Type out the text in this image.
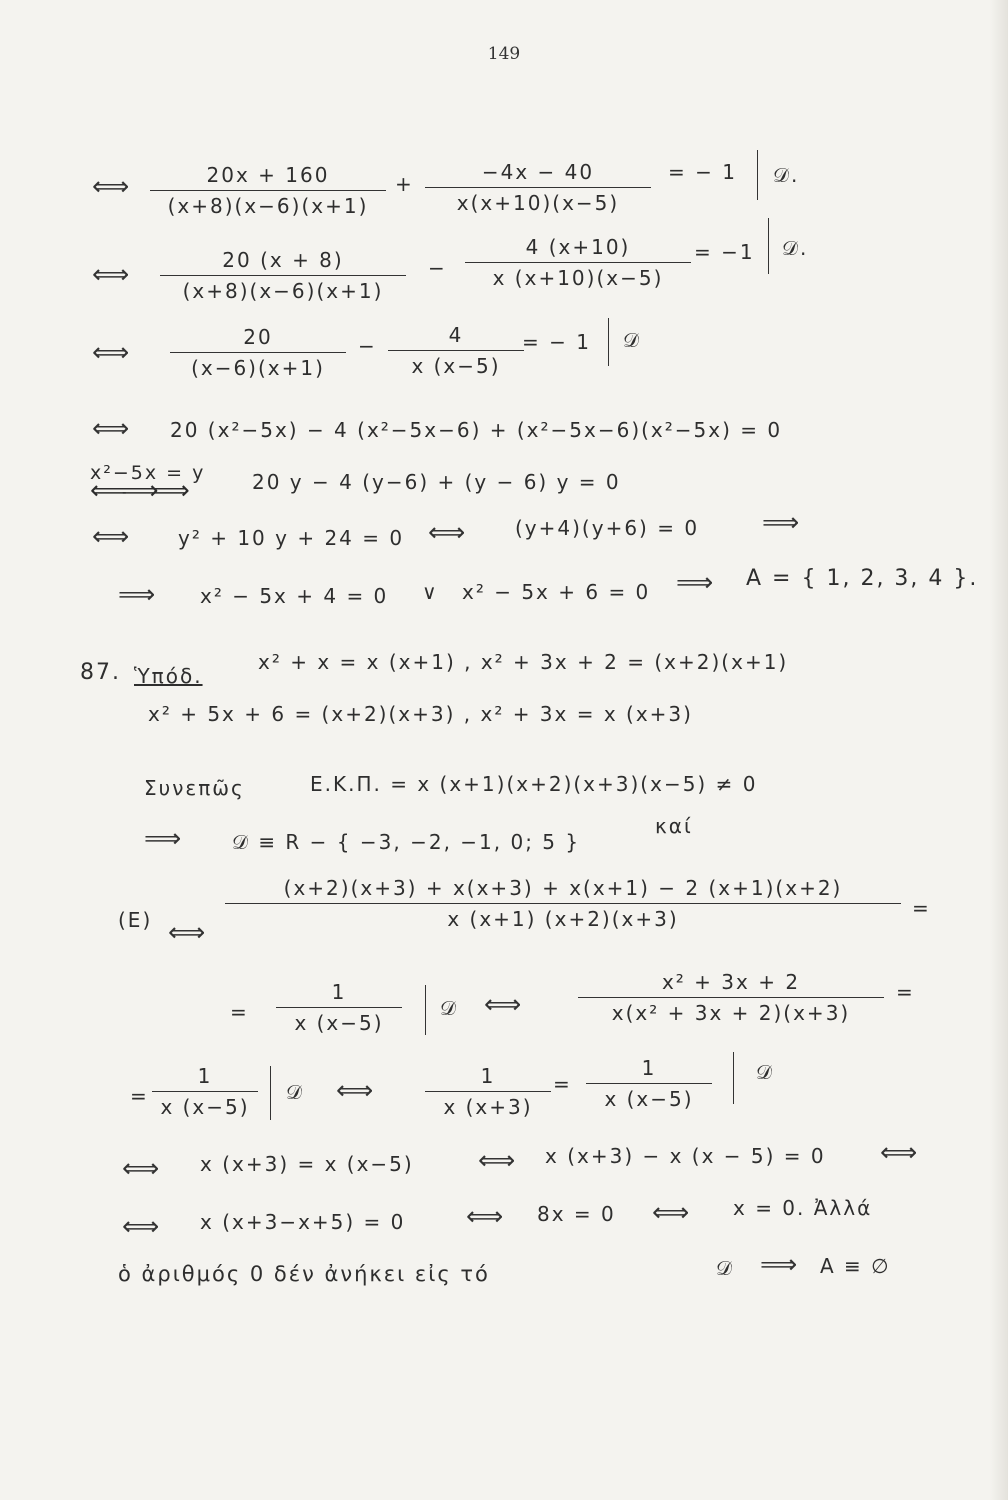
149
⟺ $\frac{20x + 160}{(x+8)(x-6)(x+1)} + \frac{-4x - 40}{x(x+10)(x-5)}$ = − 1 𝒟.
⟺ $\frac{20 (x + 8)}{(x+8)(x-6)(x+1)} - \frac{4 (x+10)}{x (x+10)(x-5)} = -1$ 𝒟.
⟺ $\frac{20}{(x-6)(x+1)} - \frac{4}{x (x-5)}$
= − 1 𝒟
⟺ 20 (x²−5x) − 4 (x²−5x−6) + (x²−5x−6)(x²−5x) = 0
x²−5x = y
⟸⟹⟹	20 y − 4 (y−6) + (y − 6) y = 0
⟺ y² + 10 y + 24 = 0 ⟺ (y+4)(y+6) = 0 ⟹
⟹ x² − 5x + 4 = 0 ∨ x² − 5x + 6 = 0 ⟹ A = { 1, 2, 3, 4 }.
87. Ὑπόδ.
x² + x = x (x+1) , x² + 3x + 2 = (x+2)(x+1)
x² + 5x + 6 = (x+2)(x+3) , x² + 3x = x (x+3)
Συνεπῶς	Ε.Κ.Π. = x (x+1)(x+2)(x+3)(x−5) ≠ 0
⟹	𝒟 ≡ R − { −3, −2, −1, 0; 5 }
καί
(E) ⟺
$\frac{(x+2)(x+3) + x(x+3) + x(x+1) - 2 (x+1)(x+2)}{x (x+1) (x+2)(x+3)}$ =
= $\frac{1}{x (x-5)}$ 𝒟 ⟺	$\frac{\text{x² + 3x + 2}}{\text{x(x² + 3x + 2)(x+3)}}$ =
= $\frac{1}{x (x-5)}$ 𝒟 ⟺	$\frac{1}{x (x+3)} = \frac{1}{x (x-5)}$ 𝒟
⟺ x (x+3) = x (x−5) ⟺ x (x+3) − x (x − 5) = 0 ⟺
⟺ x (x+3−x+5) = 0 ⟺ 8x = 0 ⟺ x = 0. Ἀλλά
ὁ ἀριθμός 0 δέν ἀνήκει εἰς τό	𝒟 ⟹ A ≡ ∅
